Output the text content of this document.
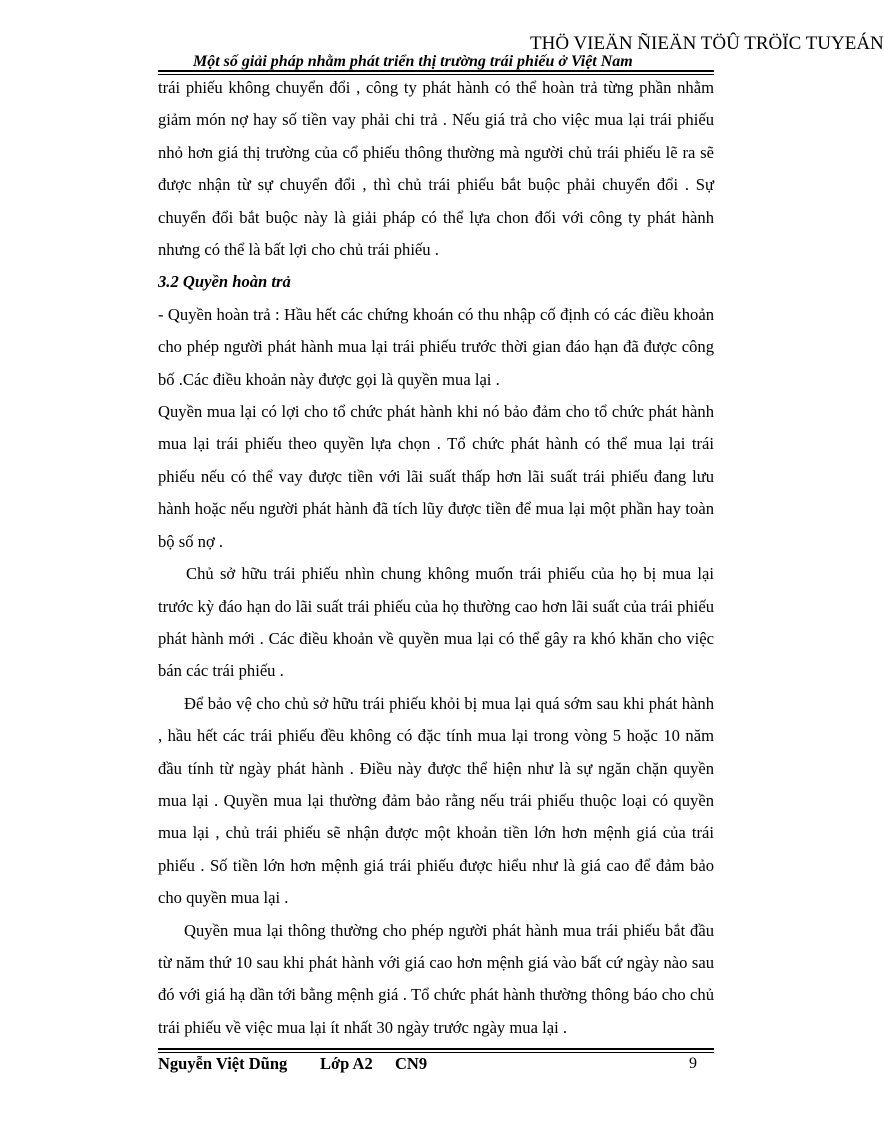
THÖ VIEÄN ÑIEÄN TÖÛ TRÖÏC TUYEÁN
Một số giải pháp nhằm phát triển thị trường trái phiếu ở Việt Nam

trái phiếu không chuyển đổi , công ty phát hành có thể hoàn trả từng phần nhằm giảm món nợ hay số tiền vay phải chi trả . Nếu giá trả cho việc mua lại trái phiếu nhỏ hơn giá thị trường của cổ phiếu thông thường mà người chủ trái phiếu lẽ ra sẽ được nhận từ sự chuyển đổi , thì chủ trái phiếu bắt buộc phải chuyển đổi . Sự chuyển đổi bắt buộc này là giải pháp có thể lựa chon đối với công ty phát hành nhưng có thể là bất lợi cho chủ trái phiếu .

3.2 Quyền hoàn trả

- Quyền hoàn trả : Hầu hết các chứng khoán có thu nhập cố định có các điều khoản cho phép người phát hành mua lại trái phiếu trước thời gian đáo hạn đã được công bố .Các điều khoản này được gọi là quyền mua lại .

Quyền mua lại có lợi cho tổ chức phát hành khi nó bảo đảm cho tổ chức phát hành mua lại trái phiếu theo quyền lựa chọn . Tổ chức phát hành có thể mua lại trái phiếu nếu có thể vay được tiền với lãi suất thấp hơn lãi suất trái phiếu đang lưu hành hoặc nếu người phát hành đã tích lũy được tiền để mua lại một phần hay toàn bộ số nợ .

Chủ sở hữu trái phiếu nhìn chung không muốn trái phiếu của họ bị mua lại trước kỳ đáo hạn do lãi suất trái phiếu của họ thường cao hơn lãi suất của trái phiếu phát hành mới . Các điều khoản về quyền mua lại có thể gây ra khó khăn cho việc bán các trái phiếu .

Để bảo vệ cho chủ sở hữu trái phiếu khỏi bị mua lại quá sớm sau khi phát hành , hầu hết các trái phiếu đều không có đặc tính mua lại trong vòng 5 hoặc 10 năm đầu tính từ ngày phát hành . Điều này được thể hiện như là sự ngăn chặn quyền mua lại . Quyền mua lại thường đảm bảo rằng nếu trái phiếu thuộc loại có quyền mua lại , chủ trái phiếu sẽ nhận được một khoản tiền lớn hơn mệnh giá của trái phiếu . Số tiền lớn hơn mệnh giá trái phiếu được hiểu như là giá cao để đảm bảo cho quyền mua lại .

Quyền mua lại thông thường cho phép người phát hành mua trái phiếu bắt đầu từ năm thứ 10 sau khi phát hành với giá cao hơn mệnh giá vào bất cứ ngày nào sau đó với giá hạ dần tới bằng mệnh giá . Tổ chức phát hành thường thông báo cho chủ trái phiếu về việc mua lại ít nhất 30 ngày trước ngày mua lại .

Nguyễn Việt Dũng Lớp A2 CN9	9
